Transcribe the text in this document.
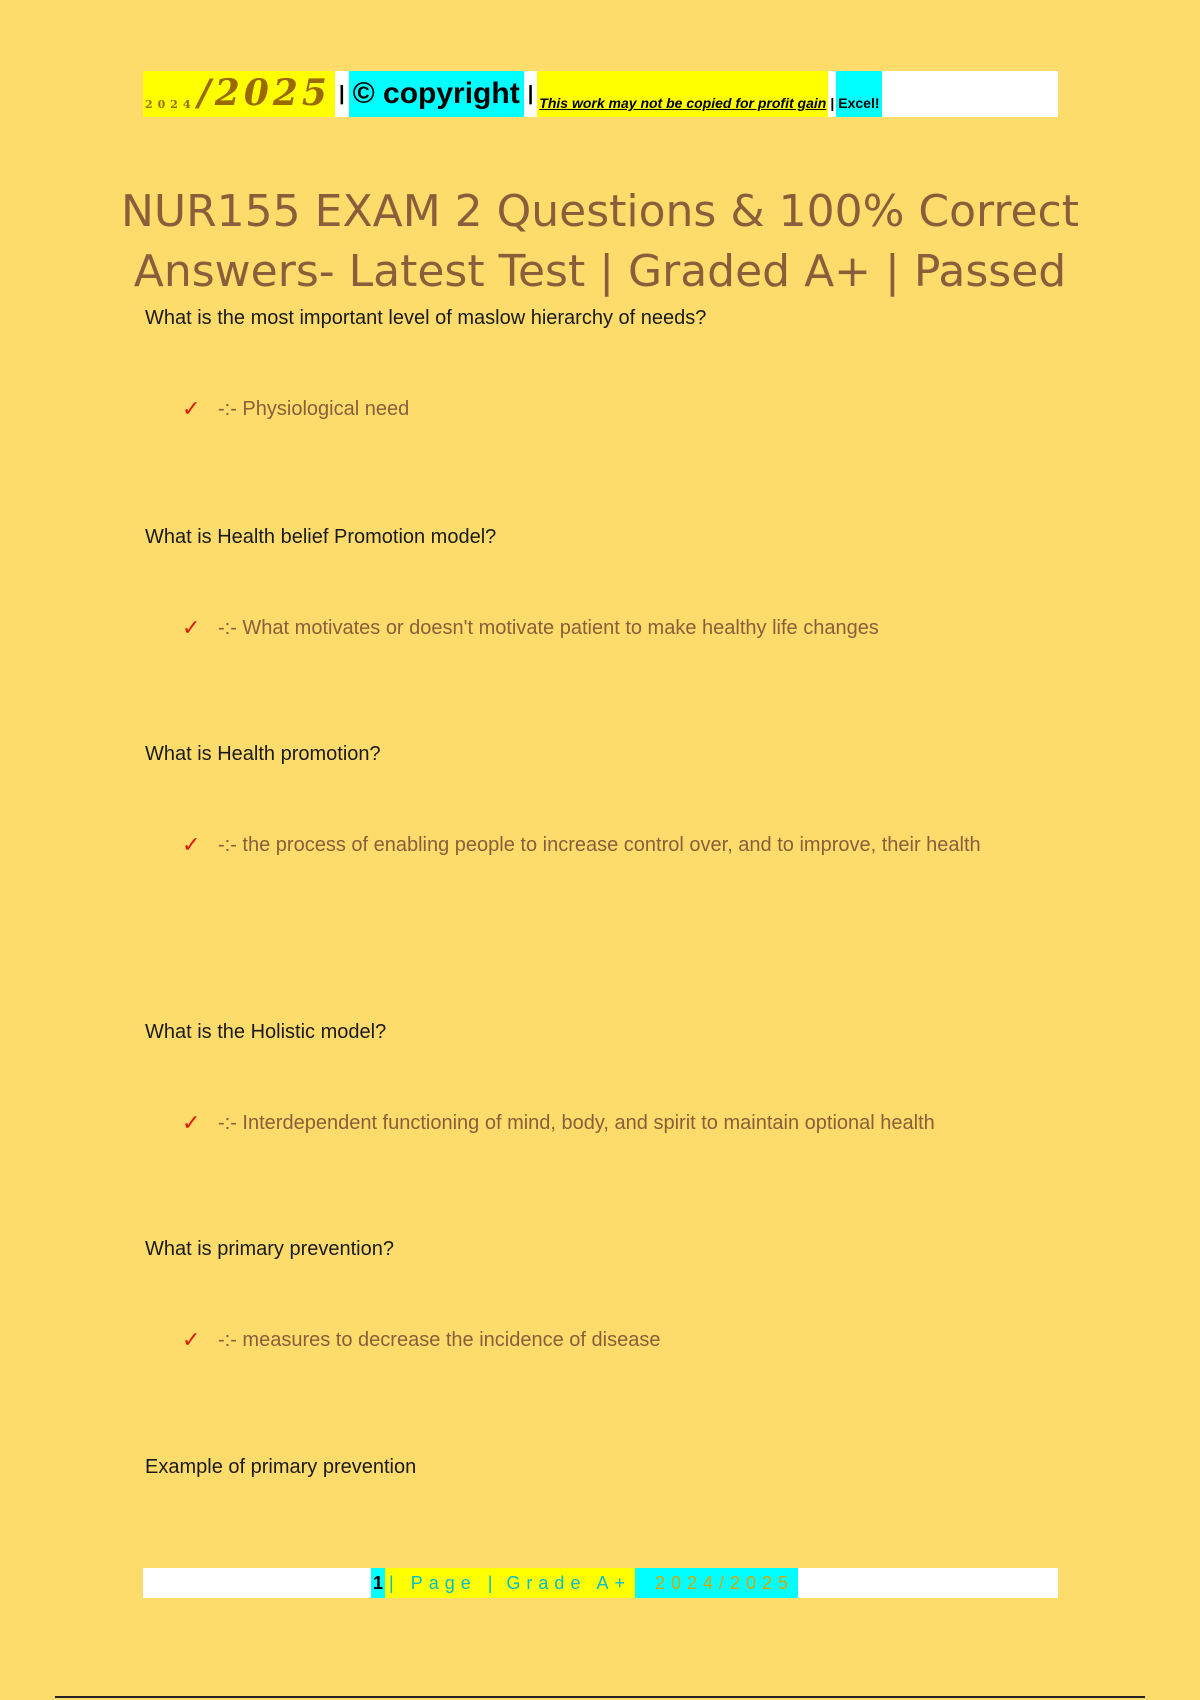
2024 /2025 | © copyright | This work may not be copied for profit gain | Excel!
NUR155 EXAM 2 Questions & 100% Correct Answers- Latest Test | Graded A+ | Passed
What is the most important level of maslow hierarchy of needs?
✓ -:- Physiological need
What is Health belief Promotion model?
✓ -:- What motivates or doesn't motivate patient to make healthy life changes
What is Health promotion?
✓ -:- the process of enabling people to increase control over, and to improve, their health
What is the Holistic model?
✓ -:- Interdependent functioning of mind, body, and spirit to maintain optional health
What is primary prevention?
✓ -:- measures to decrease the incidence of disease
Example of primary prevention
1 | Page | Grade A+	2024/2025
